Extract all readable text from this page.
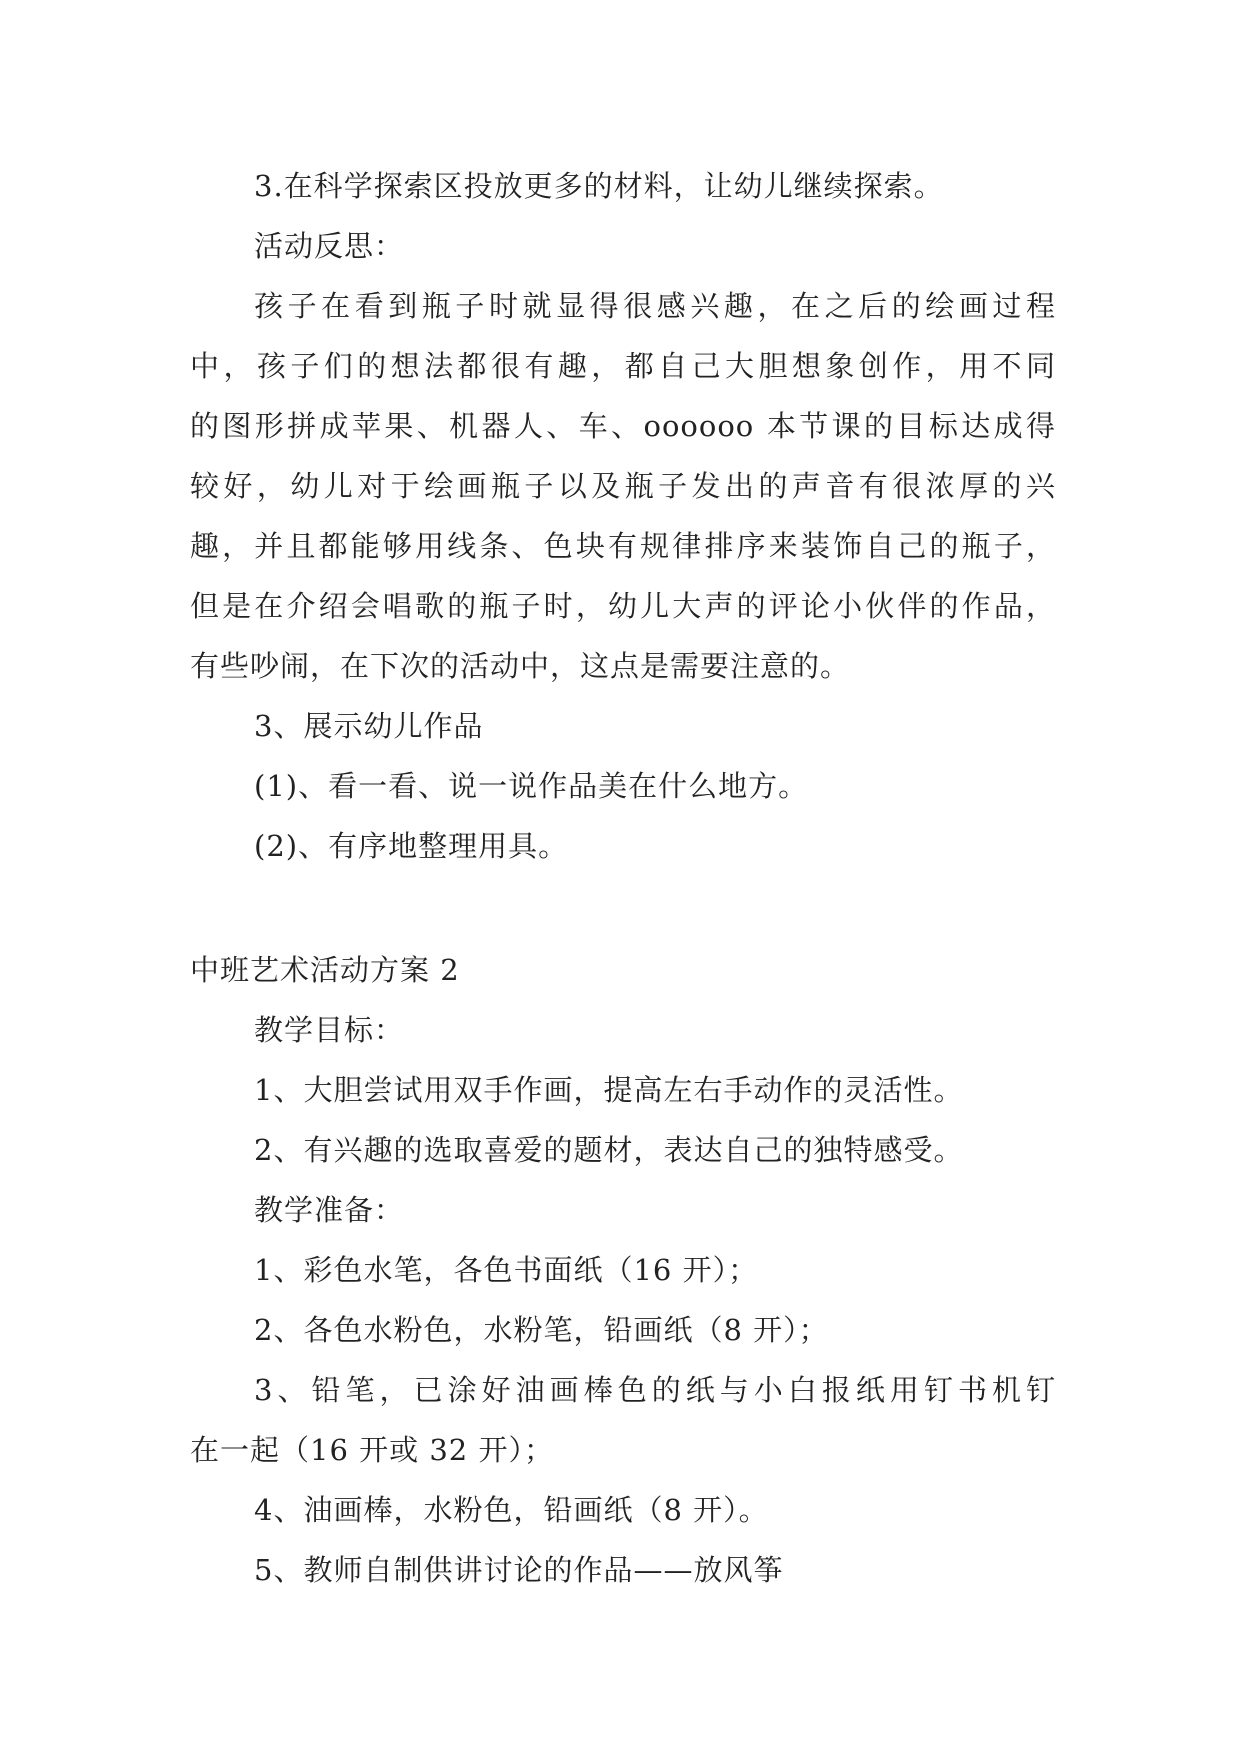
3.在科学探索区投放更多的材料，让幼儿继续探索。

活动反思：

孩子在看到瓶子时就显得很感兴趣，在之后的绘画过程

中，孩子们的想法都很有趣，都自己大胆想象创作，用不同

的图形拼成苹果、机器人、车、oooooo 本节课的目标达成得

较好，幼儿对于绘画瓶子以及瓶子发出的声音有很浓厚的兴

趣，并且都能够用线条、色块有规律排序来装饰自己的瓶子，

但是在介绍会唱歌的瓶子时，幼儿大声的评论小伙伴的作品，

有些吵闹，在下次的活动中，这点是需要注意的。

3、展示幼儿作品

(1)、看一看、说一说作品美在什么地方。

(2)、有序地整理用具。

中班艺术活动方案 2

教学目标：

1、大胆尝试用双手作画，提高左右手动作的灵活性。

2、有兴趣的选取喜爱的题材，表达自己的独特感受。

教学准备：

1、彩色水笔，各色书面纸（16 开）；

2、各色水粉色，水粉笔，铅画纸（8 开）；

3、铅笔，已涂好油画棒色的纸与小白报纸用钉书机钉

在一起（16 开或 32 开）；

4、油画棒，水粉色，铅画纸（8 开）。

5、教师自制供讲讨论的作品——放风筝
